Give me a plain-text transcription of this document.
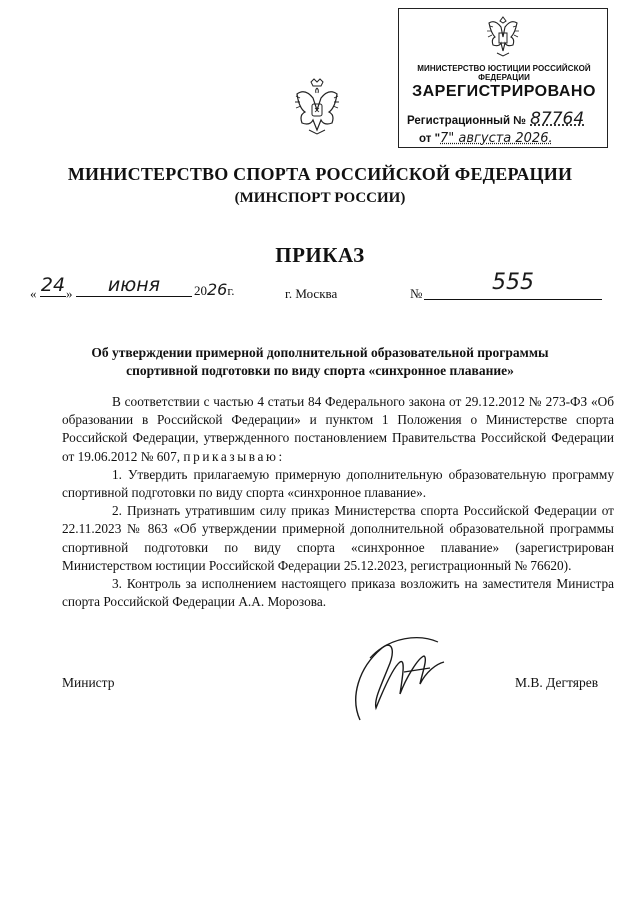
МИНИСТЕРСТВО ЮСТИЦИИ РОССИЙСКОЙ ФЕДЕРАЦИИ
ЗАРЕГИСТРИРОВАНО
Регистрационный № 87764
от "7" августа 2026.
МИНИСТЕРСТВО СПОРТА РОССИЙСКОЙ ФЕДЕРАЦИИ
(МИНСПОРТ РОССИИ)
ПРИКАЗ
« 24 »	июня	2026г.	г. Москва	№	555
Об утверждении примерной дополнительной образовательной программы спортивной подготовки по виду спорта «синхронное плавание»

В соответствии с частью 4 статьи 84 Федерального закона от 29.12.2012 № 273-ФЗ «Об образовании в Российской Федерации» и пунктом 1 Положения о Министерстве спорта Российской Федерации, утвержденного постановлением Правительства Российской Федерации от 19.06.2012 № 607, приказываю:

1. Утвердить прилагаемую примерную дополнительную образовательную программу спортивной подготовки по виду спорта «синхронное плавание».

2. Признать утратившим силу приказ Министерства спорта Российской Федерации от 22.11.2023 № 863 «Об утверждении примерной дополнительной образовательной программы спортивной подготовки по виду спорта «синхронное плавание» (зарегистрирован Министерством юстиции Российской Федерации 25.12.2023, регистрационный № 76620).

3. Контроль за исполнением настоящего приказа возложить на заместителя Министра спорта Российской Федерации А.А. Морозова.

Министр	М.В. Дегтярев
